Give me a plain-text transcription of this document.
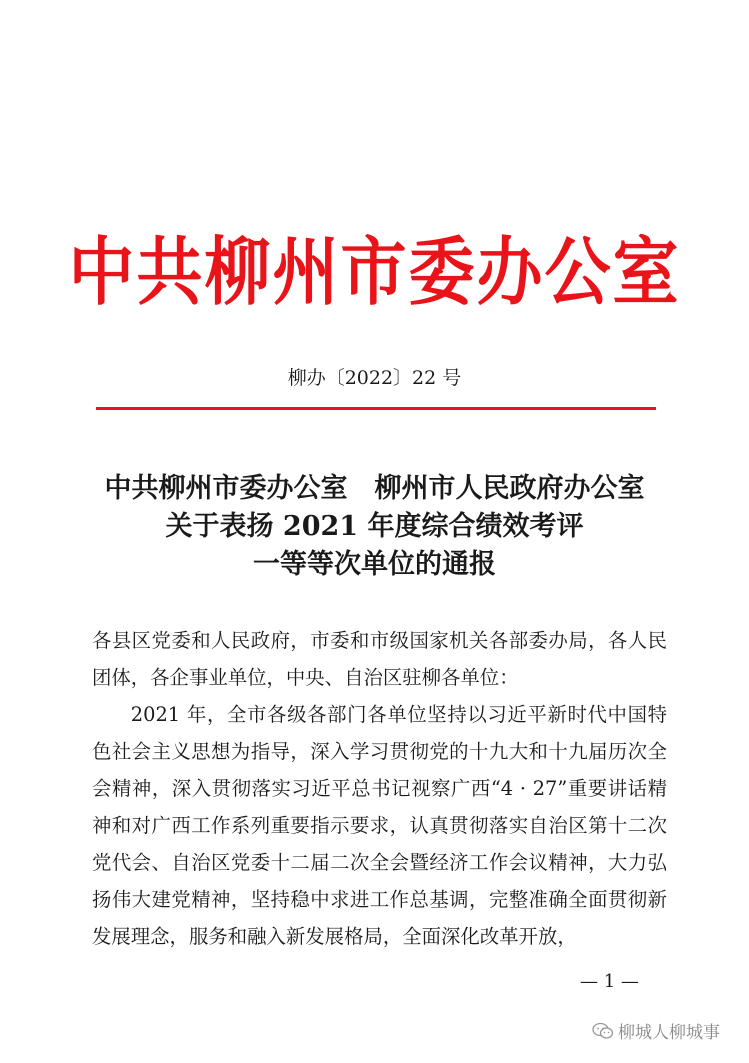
中共柳州市委办公室
柳办〔2022〕22 号
中共柳州市委办公室　柳州市人民政府办公室
关于表扬 2021 年度综合绩效考评
一等等次单位的通报

各县区党委和人民政府，市委和市级国家机关各部委办局，各人民团体，各企事业单位，中央、自治区驻柳各单位：

2021 年，全市各级各部门各单位坚持以习近平新时代中国特色社会主义思想为指导，深入学习贯彻党的十九大和十九届历次全会精神，深入贯彻落实习近平总书记视察广西“4 · 27”重要讲话精神和对广西工作系列重要指示要求，认真贯彻落实自治区第十二次党代会、自治区党委十二届二次全会暨经济工作会议精神，大力弘扬伟大建党精神，坚持稳中求进工作总基调，完整准确全面贯彻新发展理念，服务和融入新发展格局，全面深化改革开放，

— 1 —
柳城人柳城事
